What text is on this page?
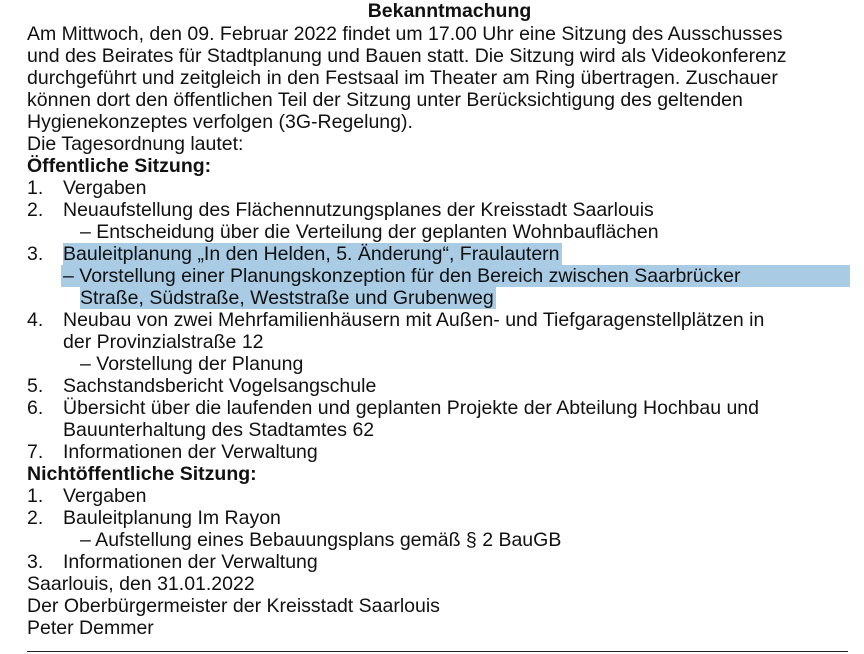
Bekanntmachung
Am Mittwoch, den 09. Februar 2022 findet um 17.00 Uhr eine Sitzung des Ausschusses
und des Beirates für Stadtplanung und Bauen statt. Die Sitzung wird als Videokonferenz
durchgeführt und zeitgleich in den Festsaal im Theater am Ring übertragen. Zuschauer
können dort den öffentlichen Teil der Sitzung unter Berücksichtigung des geltenden
Hygienekonzeptes verfolgen (3G-Regelung).
Die Tagesordnung lautet:
Öffentliche Sitzung:
1.	Vergaben
2.	Neuaufstellung des Flächennutzungsplanes der Kreisstadt Saarlouis
– Entscheidung über die Verteilung der geplanten Wohnbauflächen
3.	Bauleitplanung „In den Helden, 5. Änderung“, Fraulautern
– Vorstellung einer Planungskonzeption für den Bereich zwischen Saarbrücker
Straße, Südstraße, Weststraße und Grubenweg
4.	Neubau von zwei Mehrfamilienhäusern mit Außen- und Tiefgaragenstellplätzen in
der Provinzialstraße 12
– Vorstellung der Planung
5.	Sachstandsbericht Vogelsangschule
6.	Übersicht über die laufenden und geplanten Projekte der Abteilung Hochbau und
Bauunterhaltung des Stadtamtes 62
7.	Informationen der Verwaltung
Nichtöffentliche Sitzung:
1.	Vergaben
2.	Bauleitplanung Im Rayon
– Aufstellung eines Bebauungsplans gemäß § 2 BauGB
3.	Informationen der Verwaltung
Saarlouis, den 31.01.2022
Der Oberbürgermeister der Kreisstadt Saarlouis
Peter Demmer
